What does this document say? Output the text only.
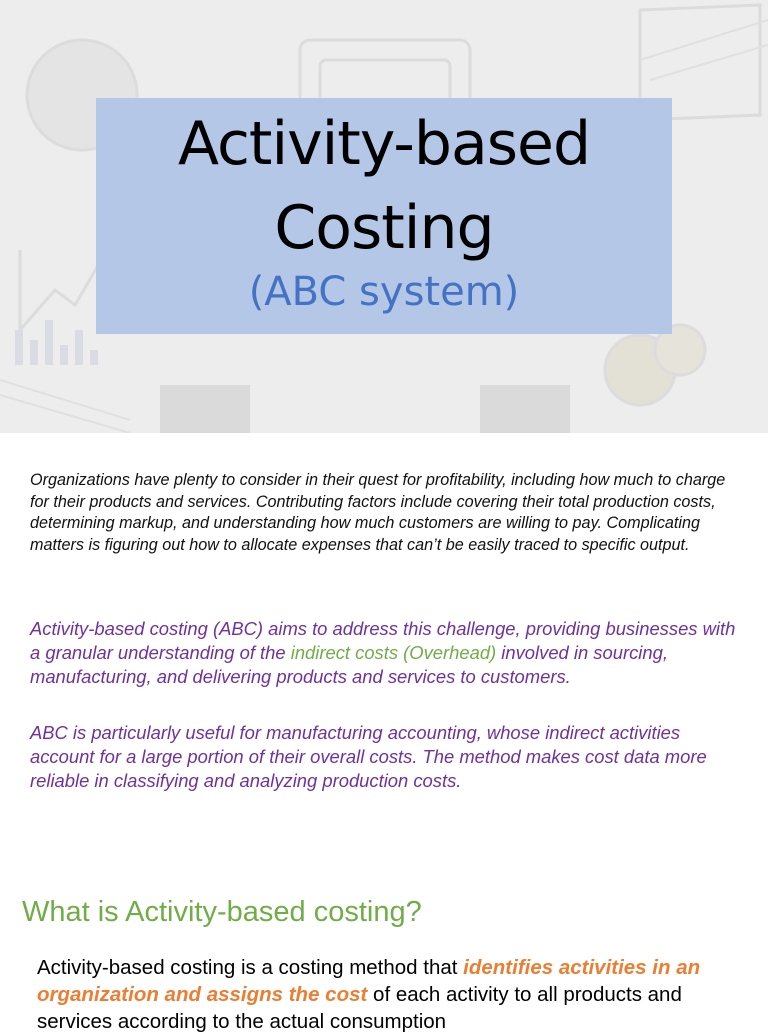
Activity-based
Costing
(ABC system)

Organizations have plenty to consider in their quest for profitability, including how much to charge for their products and services. Contributing factors include covering their total production costs, determining markup, and understanding how much customers are willing to pay. Complicating matters is figuring out how to allocate expenses that can’t be easily traced to specific output.

Activity-based costing (ABC) aims to address this challenge, providing businesses with a granular understanding of the indirect costs (Overhead) involved in sourcing, manufacturing, and delivering products and services to customers.

ABC is particularly useful for manufacturing accounting, whose indirect activities account for a large portion of their overall costs. The method makes cost data more reliable in classifying and analyzing production costs.

What is Activity-based costing?

Activity-based costing is a costing method that identifies activities in an organization and assigns the cost of each activity to all products and services according to the actual consumption
